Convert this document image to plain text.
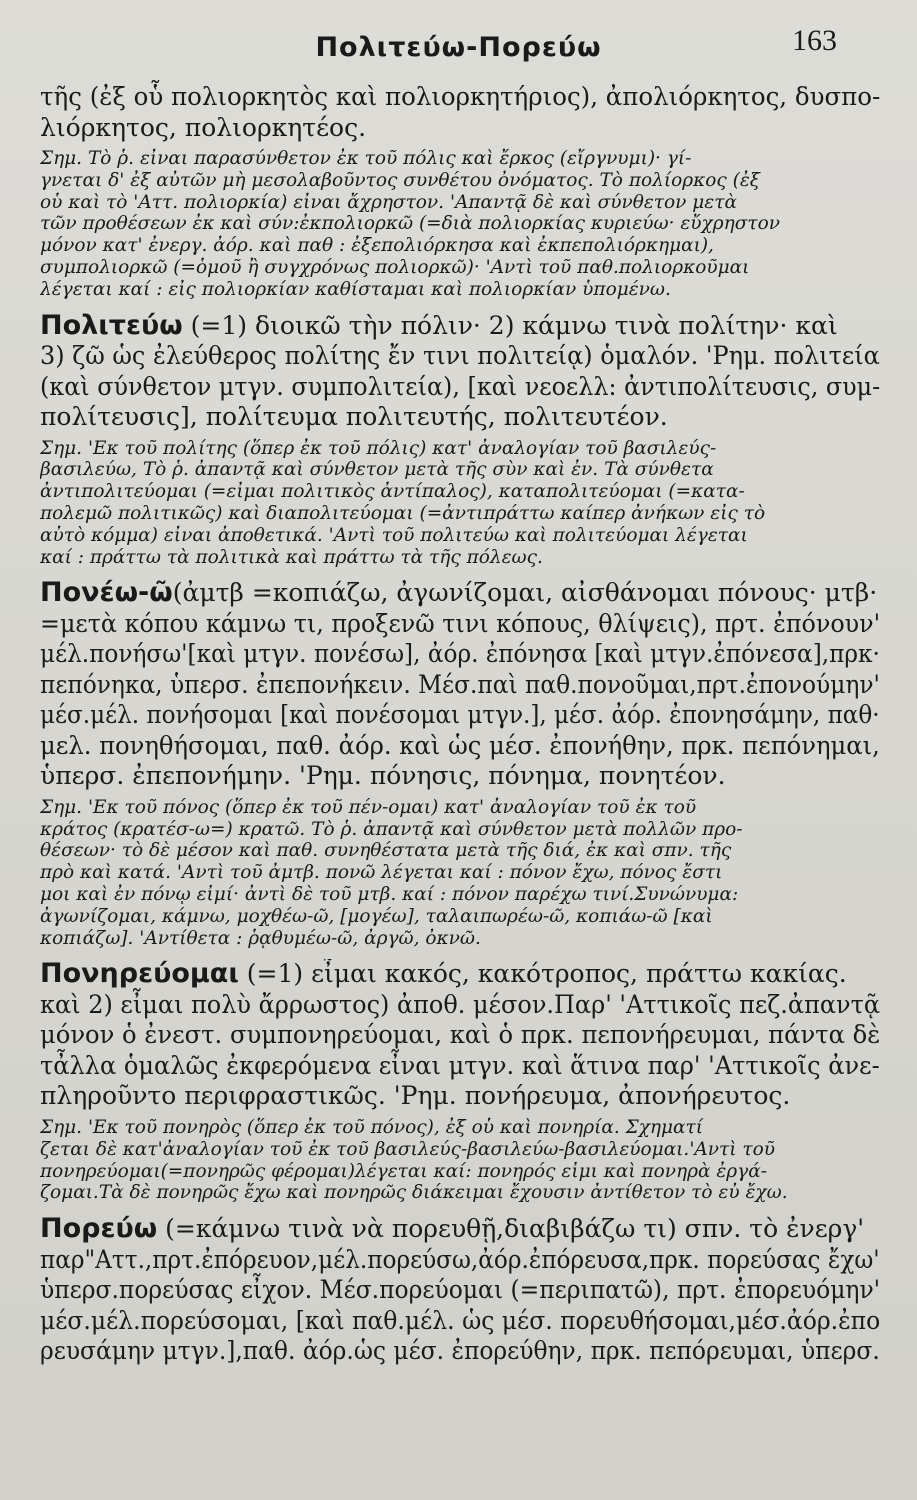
Πολιτεύω-Πορεύω	163
τῆς (ἐξ οὗ πολιορκητὸς καὶ πολιορκητήριος), ἀπολιόρκητος, δυσπο-
λιόρκητος, πολιορκητέος.
Σημ. Τὸ ῥ. εἶναι παρασύνθετον ἐκ τοῦ πόλις καὶ ἔρκος (εἴργνυμι)· γί-
γνεται δ' ἐξ αὐτῶν μὴ μεσολαβοῦντος συνθέτου ὀνόματος. Τὸ πολίορκος (ἐξ
οὗ καὶ τὸ 'Αττ. πολιορκία) εἶναι ἄχρηστον. 'Απαντᾷ δὲ καὶ σύνθετον μετὰ
τῶν προθέσεων ἐκ καὶ σύν:ἐκπολιορκῶ (=διὰ πολιορκίας κυριεύω· εὔχρηστον
μόνον κατ' ἐνεργ. ἀόρ. καὶ παθ : ἐξεπολιόρκησα καὶ ἐκπεπολιόρκημαι),
συμπολιορκῶ (=ὁμοῦ ἢ συγχρόνως πολιορκῶ)· 'Αντὶ τοῦ παθ.πολιορκοῦμαι
λέγεται καί : εἰς πολιορκίαν καθίσταμαι καὶ πολιορκίαν ὑπομένω.
Πολιτεύω (=1) διοικῶ τὴν πόλιν· 2) κάμνω τινὰ πολίτην· καὶ
3) ζῶ ὡς ἐλεύθερος πολίτης ἔν τινι πολιτείᾳ) ὁμαλόν. 'Ρημ. πολιτεία
(καὶ σύνθετον μτγν. συμπολιτεία), [καὶ νεοελλ: ἀντιπολίτευσις, συμ-
πολίτευσις], πολίτευμα πολιτευτής, πολιτευτέον.
Σημ. 'Εκ τοῦ πολίτης (ὅπερ ἐκ τοῦ πόλις) κατ' ἀναλογίαν τοῦ βασιλεύς-
βασιλεύω, Τὸ ῥ. ἀπαντᾷ καὶ σύνθετον μετὰ τῆς σὺν καὶ ἐν. Τὰ σύνθετα
ἀντιπολιτεύομαι (=εἶμαι πολιτικὸς ἀντίπαλος), καταπολιτεύομαι (=κατα-
πολεμῶ πολιτικῶς) καὶ διαπολιτεύομαι (=ἀντιπράττω καίπερ ἀνήκων εἰς τὸ
αὐτὸ κόμμα) εἶναι ἀποθετικά. 'Αντὶ τοῦ πολιτεύω καὶ πολιτεύομαι λέγεται
καί : πράττω τὰ πολιτικὰ καὶ πράττω τὰ τῆς πόλεως.
Πονέω-ῶ(ἀμτβ =κοπιάζω, ἀγωνίζομαι, αἰσθάνομαι πόνους· μτβ·
=μετὰ κόπου κάμνω τι, προξενῶ τινι κόπους, θλίψεις), πρτ. ἐπόνουν'
μέλ.πονήσω'[καὶ μτγν. πονέσω], ἀόρ. ἐπόνησα [καὶ μτγν.ἐπόνεσα],πρκ·
πεπόνηκα, ὑπερσ. ἐπεπονήκειν. Μέσ.παὶ παθ.πονοῦμαι,πρτ.ἐπονούμην'
μέσ.μέλ. πονήσομαι [καὶ πονέσομαι μτγν.], μέσ. ἀόρ. ἐπονησάμην, παθ·
μελ. πονηθήσομαι, παθ. ἀόρ. καὶ ὡς μέσ. ἐπονήθην, πρκ. πεπόνημαι,
ὑπερσ. ἐπεπονήμην. 'Ρημ. πόνησις, πόνημα, πονητέον.
Σημ. 'Εκ τοῦ πόνος (ὅπερ ἐκ τοῦ πέν-ομαι) κατ' ἀναλογίαν τοῦ ἐκ τοῦ
κράτος (κρατέσ-ω=) κρατῶ. Τὸ ῥ. ἀπαντᾷ καὶ σύνθετον μετὰ πολλῶν προ-
θέσεων· τὸ δὲ μέσον καὶ παθ. συνηθέστατα μετὰ τῆς διά, ἐκ καὶ σπν. τῆς
πρὸ καὶ κατά. 'Αντὶ τοῦ ἀμτβ. πονῶ λέγεται καί : πόνον ἔχω, πόνος ἔστι
μοι καὶ ἐν πόνῳ εἰμί· ἀντὶ δὲ τοῦ μτβ. καί : πόνον παρέχω τινί.Συνώνυμα:
ἀγωνίζομαι, κάμνω, μοχθέω-ῶ, [μογέω], ταλαιπωρέω-ῶ, κοπιάω-ῶ [καὶ
κοπιάζω]. 'Αντίθετα : ῥᾳθυμέω-ῶ, ἀργῶ, ὀκνῶ.
Πονηρεύομαι (=1) εἶμαι κακός, κακότροπος, πράττω κακίας.
καὶ 2) εἶμαι πολὺ ἄρρωστος) ἀποθ. μέσον.Παρ' 'Αττικοῖς πεζ.ἀπαντᾷ
μόνον ὁ ἐνεστ. συμπονηρεύομαι, καὶ ὁ πρκ. πεπονήρευμαι, πάντα δὲ
τἆλλα ὁμαλῶς ἐκφερόμενα εἶναι μτγν. καὶ ἅτινα παρ' 'Αττικοῖς ἀνε-
πληροῦντο περιφραστικῶς. 'Ρημ. πονήρευμα, ἀπονήρευτος.
Σημ. 'Εκ τοῦ πονηρὸς (ὅπερ ἐκ τοῦ πόνος), ἐξ οὗ καὶ πονηρία. Σχηματί
ζεται δὲ κατ'ἀναλογίαν τοῦ ἐκ τοῦ βασιλεύς-βασιλεύω-βασιλεύομαι.'Αντὶ τοῦ
πονηρεύομαι(=πονηρῶς φέρομαι)λέγεται καί: πονηρός εἰμι καὶ πονηρὰ ἐργά-
ζομαι.Τὰ δὲ πονηρῶς ἔχω καὶ πονηρῶς διάκειμαι ἔχουσιν ἀντίθετον τὸ εὖ ἔχω.
Πορεύω (=κάμνω τινὰ νὰ πορευθῇ,διαβιβάζω τι) σπν. τὸ ἐνεργ'
παρ"Αττ.,πρτ.ἐπόρευον,μέλ.πορεύσω,ἀόρ.ἐπόρευσα,πρκ. πορεύσας ἔχω'
ὑπερσ.πορεύσας εἶχον. Μέσ.πορεύομαι (=περιπατῶ), πρτ. ἐπορευόμην'
μέσ.μέλ.πορεύσομαι, [καὶ παθ.μέλ. ὡς μέσ. πορευθήσομαι,μέσ.ἀόρ.ἐπο
ρευσάμην μτγν.],παθ. ἀόρ.ὡς μέσ. ἐπορεύθην, πρκ. πεπόρευμαι, ὑπερσ.
